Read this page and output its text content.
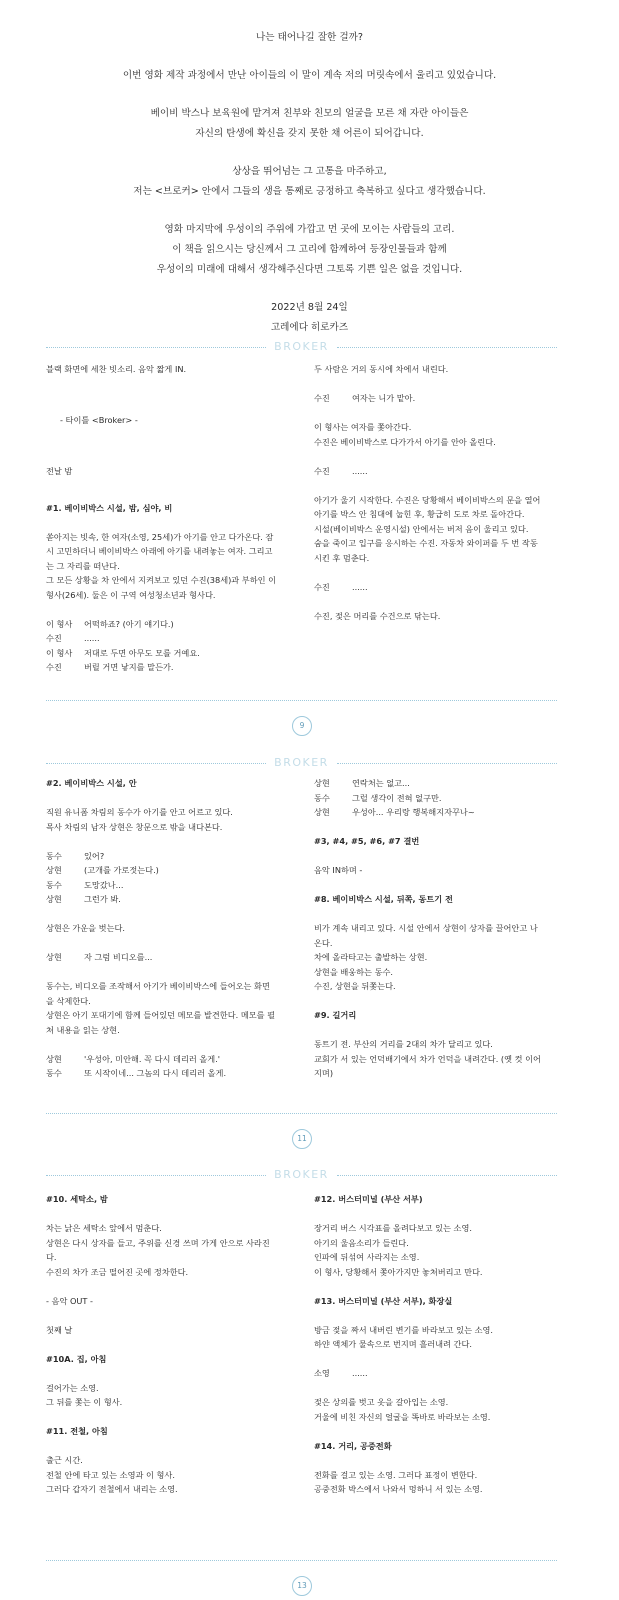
나는 태어나길 잘한 걸까?
이번 영화 제작 과정에서 만난 아이들의 이 말이 계속 저의 머릿속에서 울리고 있었습니다.
베이비 박스나 보육원에 맡겨져 친부와 친모의 얼굴을 모른 채 자란 아이들은
자신의 탄생에 확신을 갖지 못한 채 어른이 되어갑니다.
상상을 뛰어넘는 그 고통을 마주하고,
저는 <브로커> 안에서 그들의 생을 통째로 긍정하고 축복하고 싶다고 생각했습니다.
영화 마지막에 우성이의 주위에 가깝고 먼 곳에 모이는 사람들의 고리.
이 책을 읽으시는 당신께서 그 고리에 함께하여 등장인물들과 함께
우성이의 미래에 대해서 생각해주신다면 그토록 기쁜 일은 없을 것입니다.
2022년 8월 24일
고레에다 히로카즈
BROKER
블랙 화면에 세찬 빗소리. 음악 짧게 IN.
- 타이틀 <Broker> -
전날 밤
#1. 베이비박스 시설, 밤, 심야, 비
쏟아지는 빗속, 한 여자(소영, 25세)가 아기를 안고 다가온다. 잠
시 고민하더니 베이비박스 아래에 아기를 내려놓는 여자. 그리고
는 그 자리를 떠난다.
그 모든 상황을 차 안에서 지켜보고 있던 수진(38세)과 부하인 이
형사(26세). 둘은 이 구역 여성청소년과 형사다.
이 형사 어떡하죠? (아기 얘기다.)
수진	......
이 형사 저대로 두면 아무도 모를 거예요.
수진	버릴 거면 낳지를 말든가.
두 사람은 거의 동시에 차에서 내린다.
수진	여자는 니가 맡아.
이 형사는 여자를 쫓아간다.
수진은 베이비박스로 다가가서 아기를 안아 올린다.
수진	......
아기가 울기 시작한다. 수진은 당황해서 베이비박스의 문을 열어
아기를 박스 안 침대에 눕힌 후, 황급히 도로 차로 돌아간다.
시설(베이비박스 운영시설) 안에서는 버저 음이 울리고 있다.
숨을 죽이고 입구를 응시하는 수진. 자동차 와이퍼를 두 번 작동
시킨 후 멈춘다.
수진	......
수진, 젖은 머리를 수건으로 닦는다.
9
BROKER
#2. 베이비박스 시설, 안
직원 유니폼 차림의 동수가 아기를 안고 어르고 있다.
목사 차림의 남자 상현은 창문으로 밖을 내다본다.
동수	있어?
상현	(고개를 가로젓는다.)
동수	도망갔나...
상현	그런가 봐.
상현은 가운을 벗는다.
상현	자 그럼 비디오를...
동수는, 비디오를 조작해서 아기가 베이비박스에 들어오는 화면
을 삭제한다.
상현은 아기 포대기에 함께 들어있던 메모를 발견한다. 메모를 펼
쳐 내용을 읽는 상현.
상현	'우성아, 미안해. 꼭 다시 데리러 올게.'
동수	또 시작이네... 그놈의 다시 데리러 올게.
상현	연락처는 없고...
동수	그럴 생각이 전혀 없구만.
상현	우성아... 우리랑 행복해지자꾸나~
#3, #4, #5, #6, #7 결번
음악 IN하며 -
#8. 베이비박스 시설, 뒤쪽, 동트기 전
비가 계속 내리고 있다. 시설 안에서 상현이 상자를 끌어안고 나
온다.
차에 올라타고는 출발하는 상현.
상현을 배웅하는 동수.
수진, 상현을 뒤쫓는다.
#9. 길거리
동트기 전. 부산의 거리를 2대의 차가 달리고 있다.
교회가 서 있는 언덕배기에서 차가 언덕을 내려간다. (옛 컷 이어
지며)
11
BROKER
#10. 세탁소, 밤
차는 낡은 세탁소 앞에서 멈춘다.
상현은 다시 상자를 들고, 주위를 신경 쓰며 가게 안으로 사라진
다.
수진의 차가 조금 떨어진 곳에 정차한다.
- 음악 OUT -
첫째 날
#10A. 집, 아침
걸어가는 소영.
그 뒤를 쫓는 이 형사.
#11. 전철, 아침
출근 시간.
전철 안에 타고 있는 소영과 이 형사.
그러다 갑자기 전철에서 내리는 소영.
#12. 버스터미널 (부산 서부)
장거리 버스 시각표를 올려다보고 있는 소영.
아기의 울음소리가 들린다.
인파에 뒤섞여 사라지는 소영.
이 형사, 당황해서 쫓아가지만 놓쳐버리고 만다.
#13. 버스터미널 (부산 서부), 화장실
방금 젖을 짜서 내버린 변기를 바라보고 있는 소영.
하얀 액체가 물속으로 번지며 흘러내려 간다.
소영	......
젖은 상의를 벗고 옷을 갈아입는 소영.
거울에 비친 자신의 얼굴을 똑바로 바라보는 소영.
#14. 거리, 공중전화
전화를 걸고 있는 소영. 그러다 표정이 변한다.
공중전화 박스에서 나와서 멍하니 서 있는 소영.
13
